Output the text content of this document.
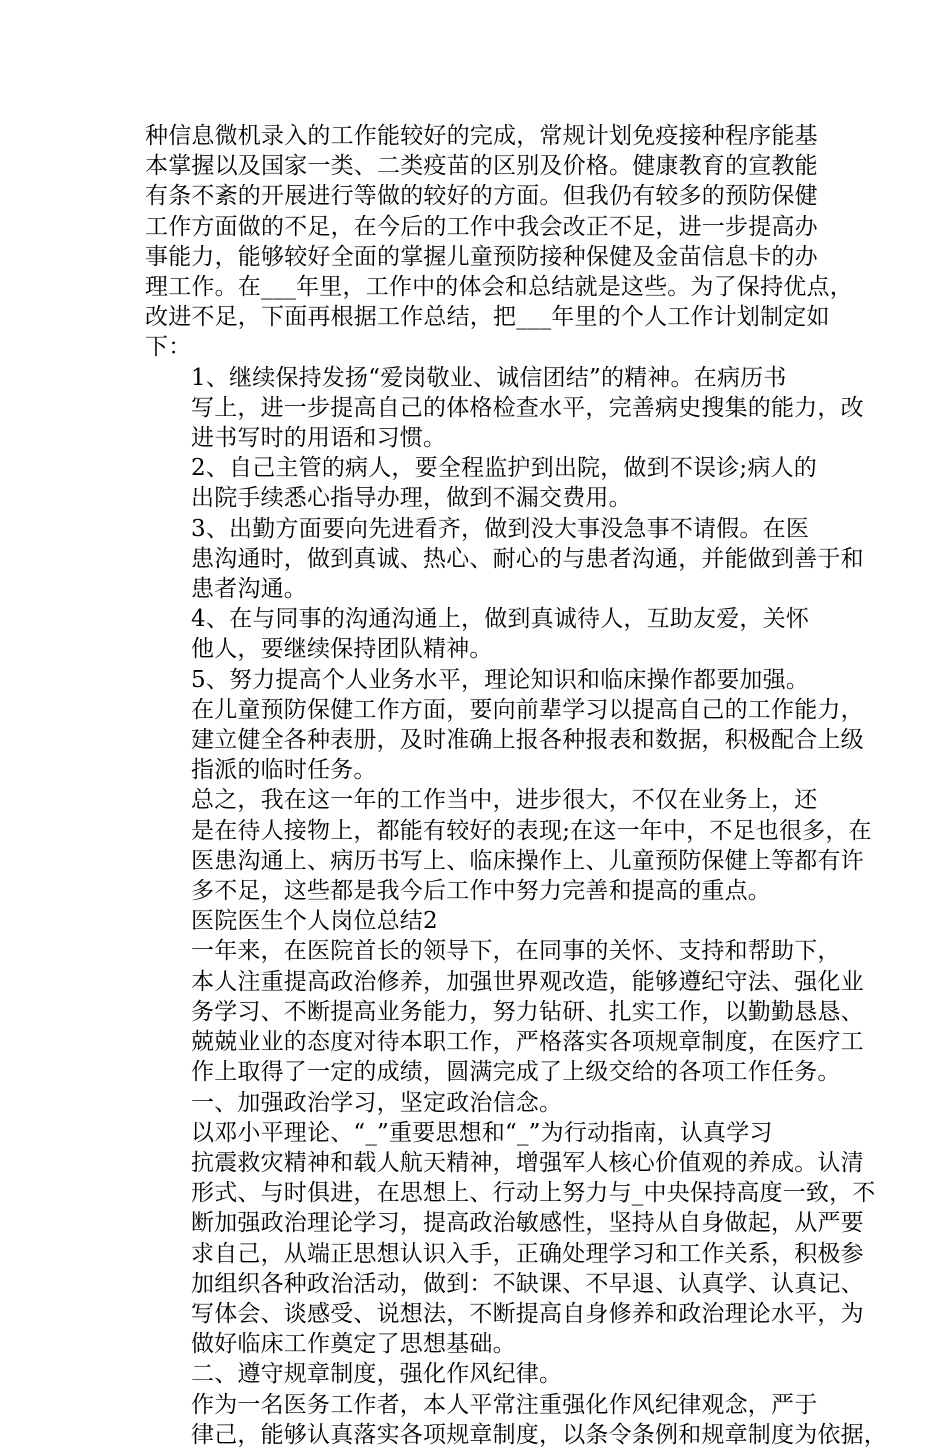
种信息微机录入的工作能较好的完成，常规计划免疫接种程序能基
本掌握以及国家一类、二类疫苗的区别及价格。健康教育的宣教能
有条不紊的开展进行等做的较好的方面。但我仍有较多的预防保健
工作方面做的不足，在今后的工作中我会改正不足，进一步提高办
事能力，能够较好全面的掌握儿童预防接种保健及金苗信息卡的办
理工作。在___年里，工作中的体会和总结就是这些。为了保持优点，
改进不足，下面再根据工作总结，把___年里的个人工作计划制定如
下：

1、继续保持发扬“爱岗敬业、诚信团结”的精神。在病历书
写上，进一步提高自己的体格检查水平，完善病史搜集的能力，改
进书写时的用语和习惯。

2、自己主管的病人，要全程监护到出院，做到不误诊;病人的
出院手续悉心指导办理，做到不漏交费用。

3、出勤方面要向先进看齐，做到没大事没急事不请假。在医
患沟通时，做到真诚、热心、耐心的与患者沟通，并能做到善于和
患者沟通。

4、在与同事的沟通沟通上，做到真诚待人，互助友爱，关怀
他人，要继续保持团队精神。

5、努力提高个人业务水平，理论知识和临床操作都要加强。
在儿童预防保健工作方面，要向前辈学习以提高自己的工作能力，
建立健全各种表册，及时准确上报各种报表和数据，积极配合上级
指派的临时任务。

总之，我在这一年的工作当中，进步很大，不仅在业务上，还
是在待人接物上，都能有较好的表现;在这一年中，不足也很多，在
医患沟通上、病历书写上、临床操作上、儿童预防保健上等都有许
多不足，这些都是我今后工作中努力完善和提高的重点。

医院医生个人岗位总结2

一年来，在医院首长的领导下，在同事的关怀、支持和帮助下，
本人注重提高政治修养，加强世界观改造，能够遵纪守法、强化业
务学习、不断提高业务能力，努力钻研、扎实工作，以勤勤恳恳、
兢兢业业的态度对待本职工作，严格落实各项规章制度，在医疗工
作上取得了一定的成绩，圆满完成了上级交给的各项工作任务。

一、加强政治学习，坚定政治信念。

以邓小平理论、“_”重要思想和“_”为行动指南，认真学习
抗震救灾精神和载人航天精神，增强军人核心价值观的养成。认清
形式、与时俱进，在思想上、行动上努力与_中央保持高度一致，不
断加强政治理论学习，提高政治敏感性，坚持从自身做起，从严要
求自己，从端正思想认识入手，正确处理学习和工作关系，积极参
加组织各种政治活动，做到：不缺课、不早退、认真学、认真记、
写体会、谈感受、说想法，不断提高自身修养和政治理论水平，为
做好临床工作奠定了思想基础。

二、遵守规章制度，强化作风纪律。

作为一名医务工作者，本人平常注重强化作风纪律观念，严于
律己，能够认真落实各项规章制度，以条令条例和规章制度为依据，
